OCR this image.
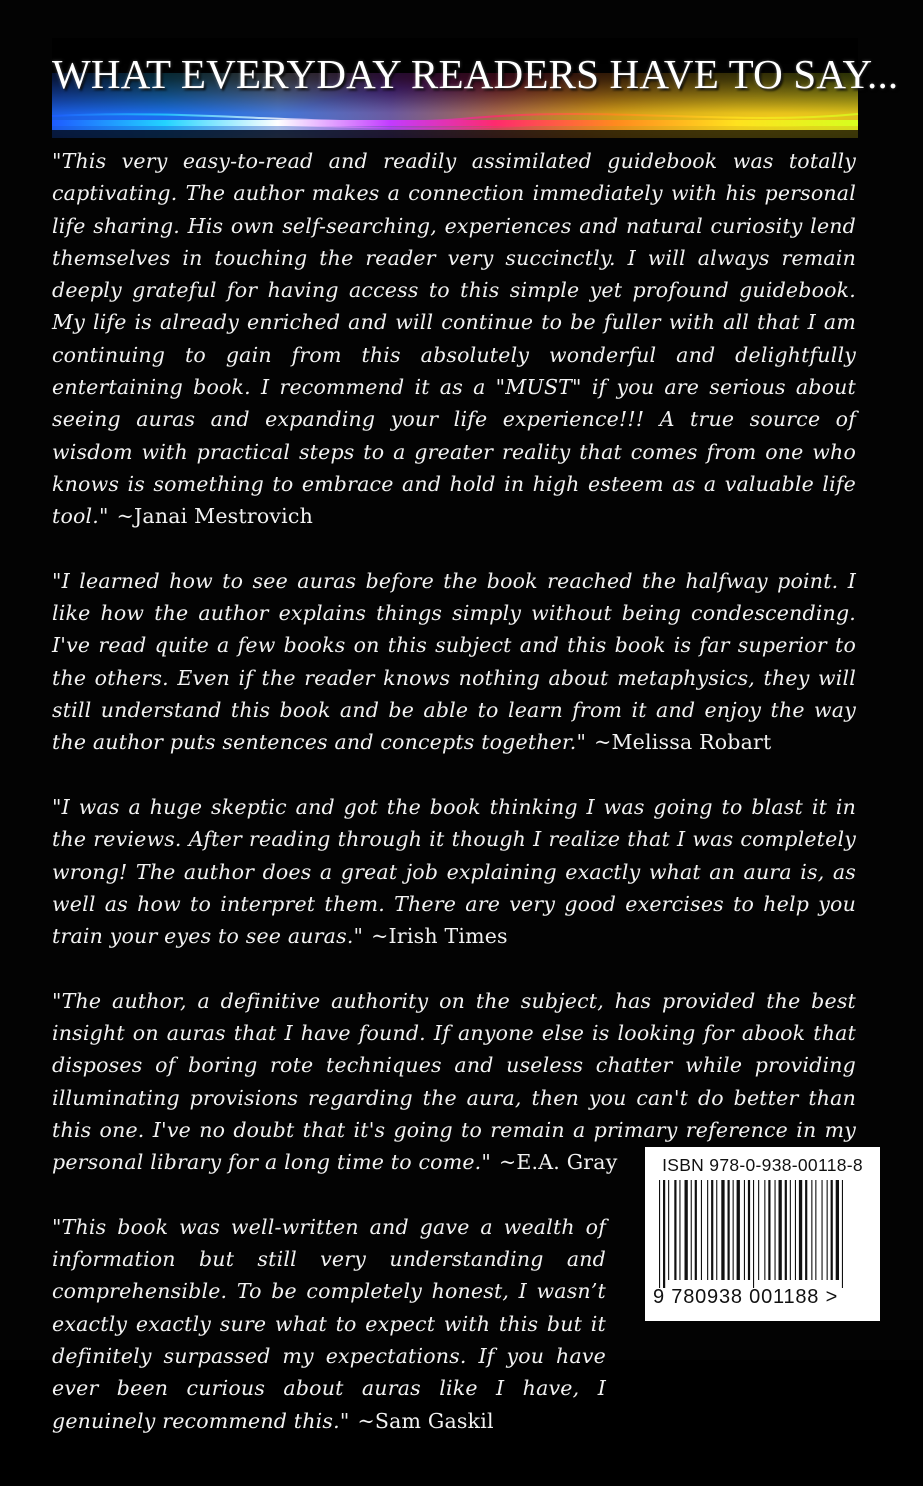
WHAT EVERYDAY READERS HAVE TO SAY...

"This very easy-to-read and readily assimilated guidebook was totally captivating. The author makes a connection immediately with his personal life sharing. His own self-searching, experiences and natural curiosity lend themselves in touching the reader very succinctly. I will always remain deeply grateful for having access to this simple yet profound guidebook. My life is already enriched and will continue to be fuller with all that I am continuing to gain from this absolutely wonderful and delightfully entertaining book. I recommend it as a "MUST" if you are serious about seeing auras and expanding your life experience!!! A true source of wisdom with practical steps to a greater reality that comes from one who knows is something to embrace and hold in high esteem as a valuable life tool." ~Janai Mestrovich

"I learned how to see auras before the book reached the halfway point. I like how the author explains things simply without being condescending. I've read quite a few books on this subject and this book is far superior to the others. Even if the reader knows nothing about metaphysics, they will still understand this book and be able to learn from it and enjoy the way the author puts sentences and concepts together." ~Melissa Robart

"I was a huge skeptic and got the book thinking I was going to blast it in the reviews. After reading through it though I realize that I was completely wrong! The author does a great job explaining exactly what an aura is, as well as how to interpret them. There are very good exercises to help you train your eyes to see auras." ~Irish Times

"The author, a definitive authority on the subject, has provided the best insight on auras that I have found. If anyone else is looking for abook that disposes of boring rote techniques and useless chatter while providing illuminating provisions regarding the aura, then you can't do better than this one. I've no doubt that it's going to remain a primary reference in my personal library for a long time to come." ~E.A. Gray

"This book was well-written and gave a wealth of information but still very understanding and comprehensible. To be completely honest, I wasn’t exactly exactly sure what to expect with this but it definitely surpassed my expectations. If you have ever been curious about auras like I have, I genuinely recommend this." ~Sam Gaskil
ISBN 978-0-938-00118-8
9 780938 001188 >
